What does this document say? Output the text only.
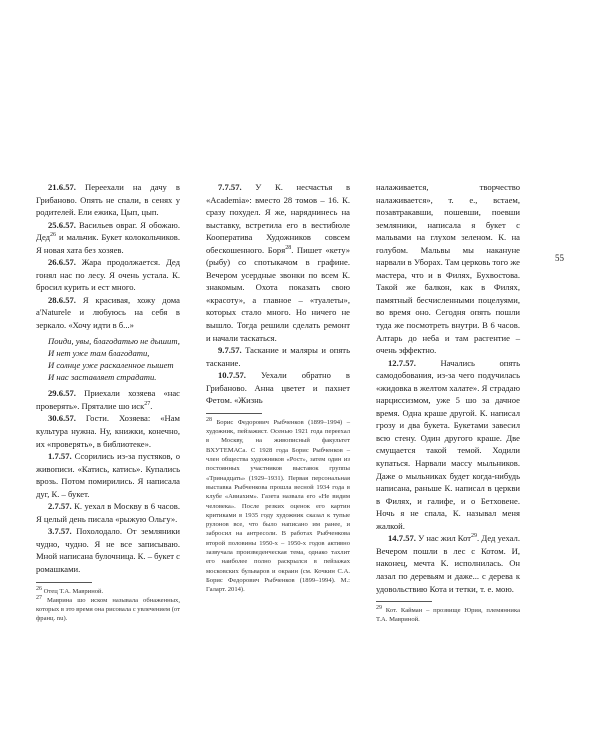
21.6.57. Переехали на дачу в Грибаново. Опять не спали, в сенях у родителей. Ели ежика, Цып, цып.

25.6.57. Васильев овраг. Я обожаю. Дед$^{26}$ и мальчик. Букет колокольчиков. Я новая хата без хозяев.

26.6.57. Жара продолжается. Дед гонял нас по лесу. Я очень устала. К. бросил курить и ест много.

28.6.57. Я красивая, хожу дома а'Naturele и любуюсь на себя в зеркало. «Хочу идти в б...»

Поиди, увы, благодатью не дышит,
И нет уже там благодати,
И солнце уже раскаленное пышет
И нас заставляет страдати.

29.6.57. Приехали хозяева «нас проверять». Пряталие шо иск$^{27}$.

30.6.57. Гости. Хозяева: «Нам культура нужна. Ну, книжки, конечно, их «проверять», в библиотеке».

1.7.57. Ссорились из-за пустяков, о живописи. «Катись, катись». Купались врозь. Потом помирились. Я написала дуг, К. – букет.

2.7.57. К. уехал в Москву в 6 часов. Я целый день писала «рыжую Ольгу».

3.7.57. Похолодало. От земляники чудно, чудно. Я не все записываю. Мной написана булочница. К. – букет с ромашками.

26 Отец Т.А. Мавриной.

27 Маврина шо иском называла обнаженных, которых в это время она рисовала с увлечением (от франц. nu).

7.7.57. У К. несчастья в «Academia»: вместо 28 томов – 16. К. сразу похудел. Я же, наряднинесь на выставку, встретила его в вестибюле Кооператива Художников совсем обескошенного. Боря$^{28}$. Пишет «кету» (рыбу) со спотыкачом в графине. Вечером усердные звонки по всем К. знакомым. Охота показать свою «красоту», а главное – «туалеты», которых стало много. Но ничего не вышло. Тогда решили сделать ремонт и начали таскаться.

9.7.57. Таскание и маляры и опять таскание.

10.7.57. Уехали обратно в Грибаново. Анна цветет и пахнет Фетом. «Жизнь

28 Борис Федорович Рыбченков (1899–1994) – художник, пейзажист. Осенью 1921 года переехал в Москву, на живописный факультет ВХУТЕМАСа. С 1928 года Борис Рыбченков – член общества художников «Рост», затем один из постоянных участников выставок группы «Тринадцать» (1929–1931). Первая персональная выставка Рыбченкова прошла весной 1934 года в клубе «Авиахим». Газета назвала его «Не видим человека». После резких оценок его картин критиками в 1935 году художник сказал к тупые рулонов все, что было написано им ранее, и забросил на антресоли. В работах Рыбченкова второй половины 1950-х – 1950-х годов активно зазвучала произведенческая тема, однако тахлит его наиболее полно раскрылся в пейзажах московских бульваров и окраин (см. Кочкин С.А. Борис Федорович Рыбченков (1899–1994). М.: Галарт. 2014).

налаживается, творчество налаживается», т. е., встаем, позавтракавши, пошевши, поевши земляники, написала я букет с мальвами на глухом зеленом. К. на голубом. Мальвы мы накануне нарвали в Уборах. Там церковь того же мастера, что и в Филях, Бухвостова. Такой же балкон, как в Филях, памятный бесчисленными поцелуями, во время оно. Сегодня опять пошли туда же посмотреть внутри. В 6 часов. Алтарь до неба и там расгентие – очень эффектно.

12.7.57. Начались опять самодобования, из-за чего подучилась «жидовка в желтом халате». Я страдаю нарциссизмом, уже 5 шо за дачное время. Одна краше другой. К. написал грозу и два букета. Букетами завесил всю стену. Один другого краше. Две смущается такой темой. Ходили купаться. Нарвали массу мыльников. Даже о мыльниках будет когда-нибудь написана, раньше К. написал в церкви в Филях, и галифе, и о Бетховене. Ночь я не спала, К. называл меня жалкой.

14.7.57. У нас жил Кот$^{29}$. Дед уехал. Вечером пошли в лес с Котом. И, наконец, мечта К. исполнилась. Он лазал по деревьям и даже... с дерева к удовольствию Кота и тетки, т. е. мою.

29 Кот. Кайман – прозвище Юрия, племянника Т.А. Мавриной.

55
